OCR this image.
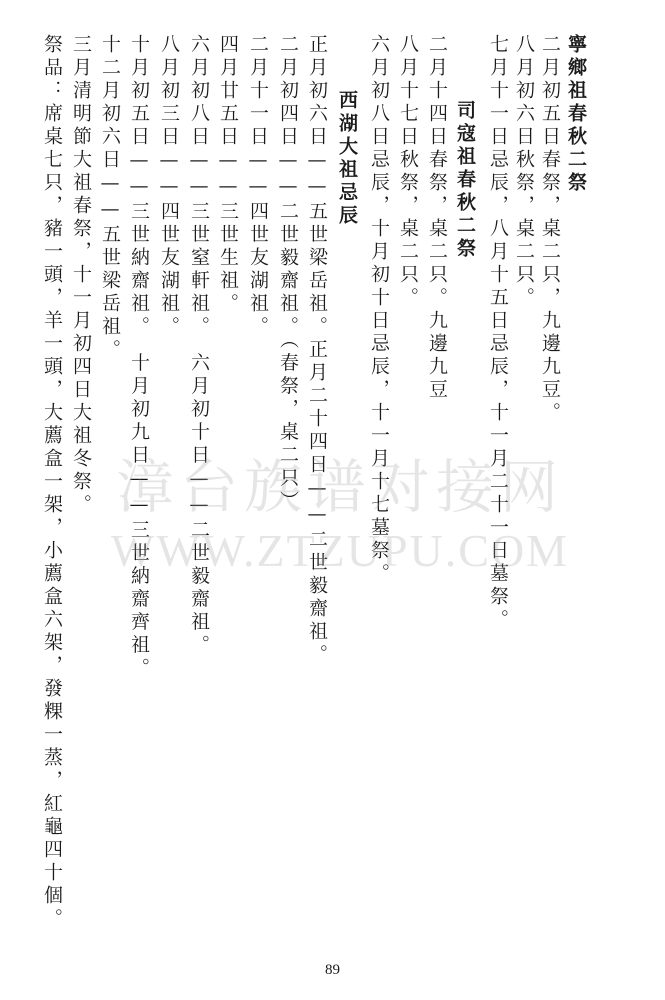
寧鄉祖春秋二祭
二月初五日春祭，桌二只，九邊九豆。
八月初六日秋祭，桌二只。
七月十一日忌辰，八月十五日忌辰，十一月二十一日墓祭。
司寇祖春秋二祭
二月十四日春祭，桌二只。九邊九豆
八月十七日秋祭，桌二只。
六月初八日忌辰，十月初十日忌辰，十一月十七墓祭。
西湖大祖忌辰
正月初六日——五世梁岳祖。正月二十四日——二世毅齋祖。
二月初四日——二世毅齋祖。（春祭，桌二只）
二月十一日——四世友湖祖。
四月廿五日——三世生祖。
六月初八日——三世窒軒祖。　六月初十日——二世毅齋祖。
八月初三日——四世友湖祖。
十月初五日——三世納齋祖。　十月初九日——三世納齋齊祖。
十二月初六日——五世梁岳祖。
三月清明節大祖春祭，十一月初四日大祖冬祭。
祭品：席桌七只，豬一頭，羊一頭，大薦盒一架，小薦盒六架，發粿一蒸，紅龜四十個。 漳台族谱对接网
WWW.ZTZUPU.COM
89
